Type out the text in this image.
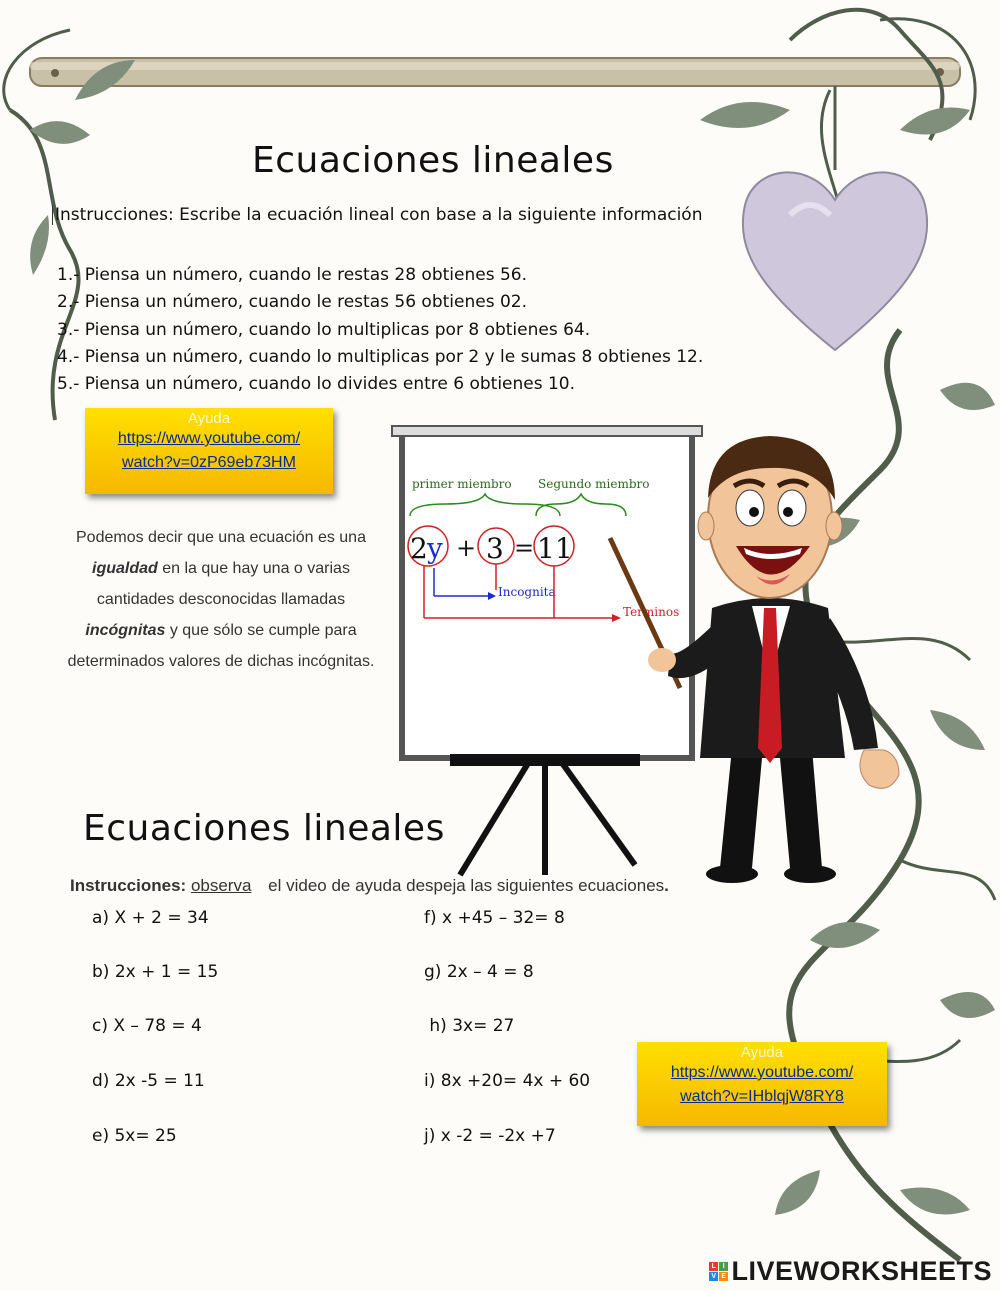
Ecuaciones lineales
Instrucciones: Escribe la ecuación lineal con base a la siguiente información
1.- Piensa un número, cuando le restas 28 obtienes 56.
2.- Piensa un número, cuando le restas 56 obtienes 02.
3.- Piensa un número, cuando lo multiplicas por 8 obtienes 64.
4.- Piensa un número, cuando lo multiplicas por 2 y le sumas 8 obtienes 12.
5.- Piensa un número, cuando lo divides entre 6 obtienes 10.
Ayuda
https://www.youtube.com/
watch?v=0zP69eb73HM
Podemos decir que una ecuación es una igualdad en la que hay una o varias cantidades desconocidas llamadas incógnitas y que sólo se cumple para determinados valores de dichas incógnitas.
primer miembro Segundo miembro
2 y + 3 = 11
Incognita
Terminos
Ecuaciones lineales
Instrucciones: observa el video de ayuda despeja las siguientes ecuaciones.
a) X + 2 = 34
b) 2x + 1 = 15
c) X – 78 = 4
d) 2x -5 = 11
e) 5x= 25
f) x +45 – 32= 8
g) 2x – 4 = 8
h) 3x= 27
i) 8x +20= 4x + 60
j) x -2 = -2x +7
Ayuda
https://www.youtube.com/
watch?v=IHblqjW8RY8
L I
V E LIVEWORKSHEETS
